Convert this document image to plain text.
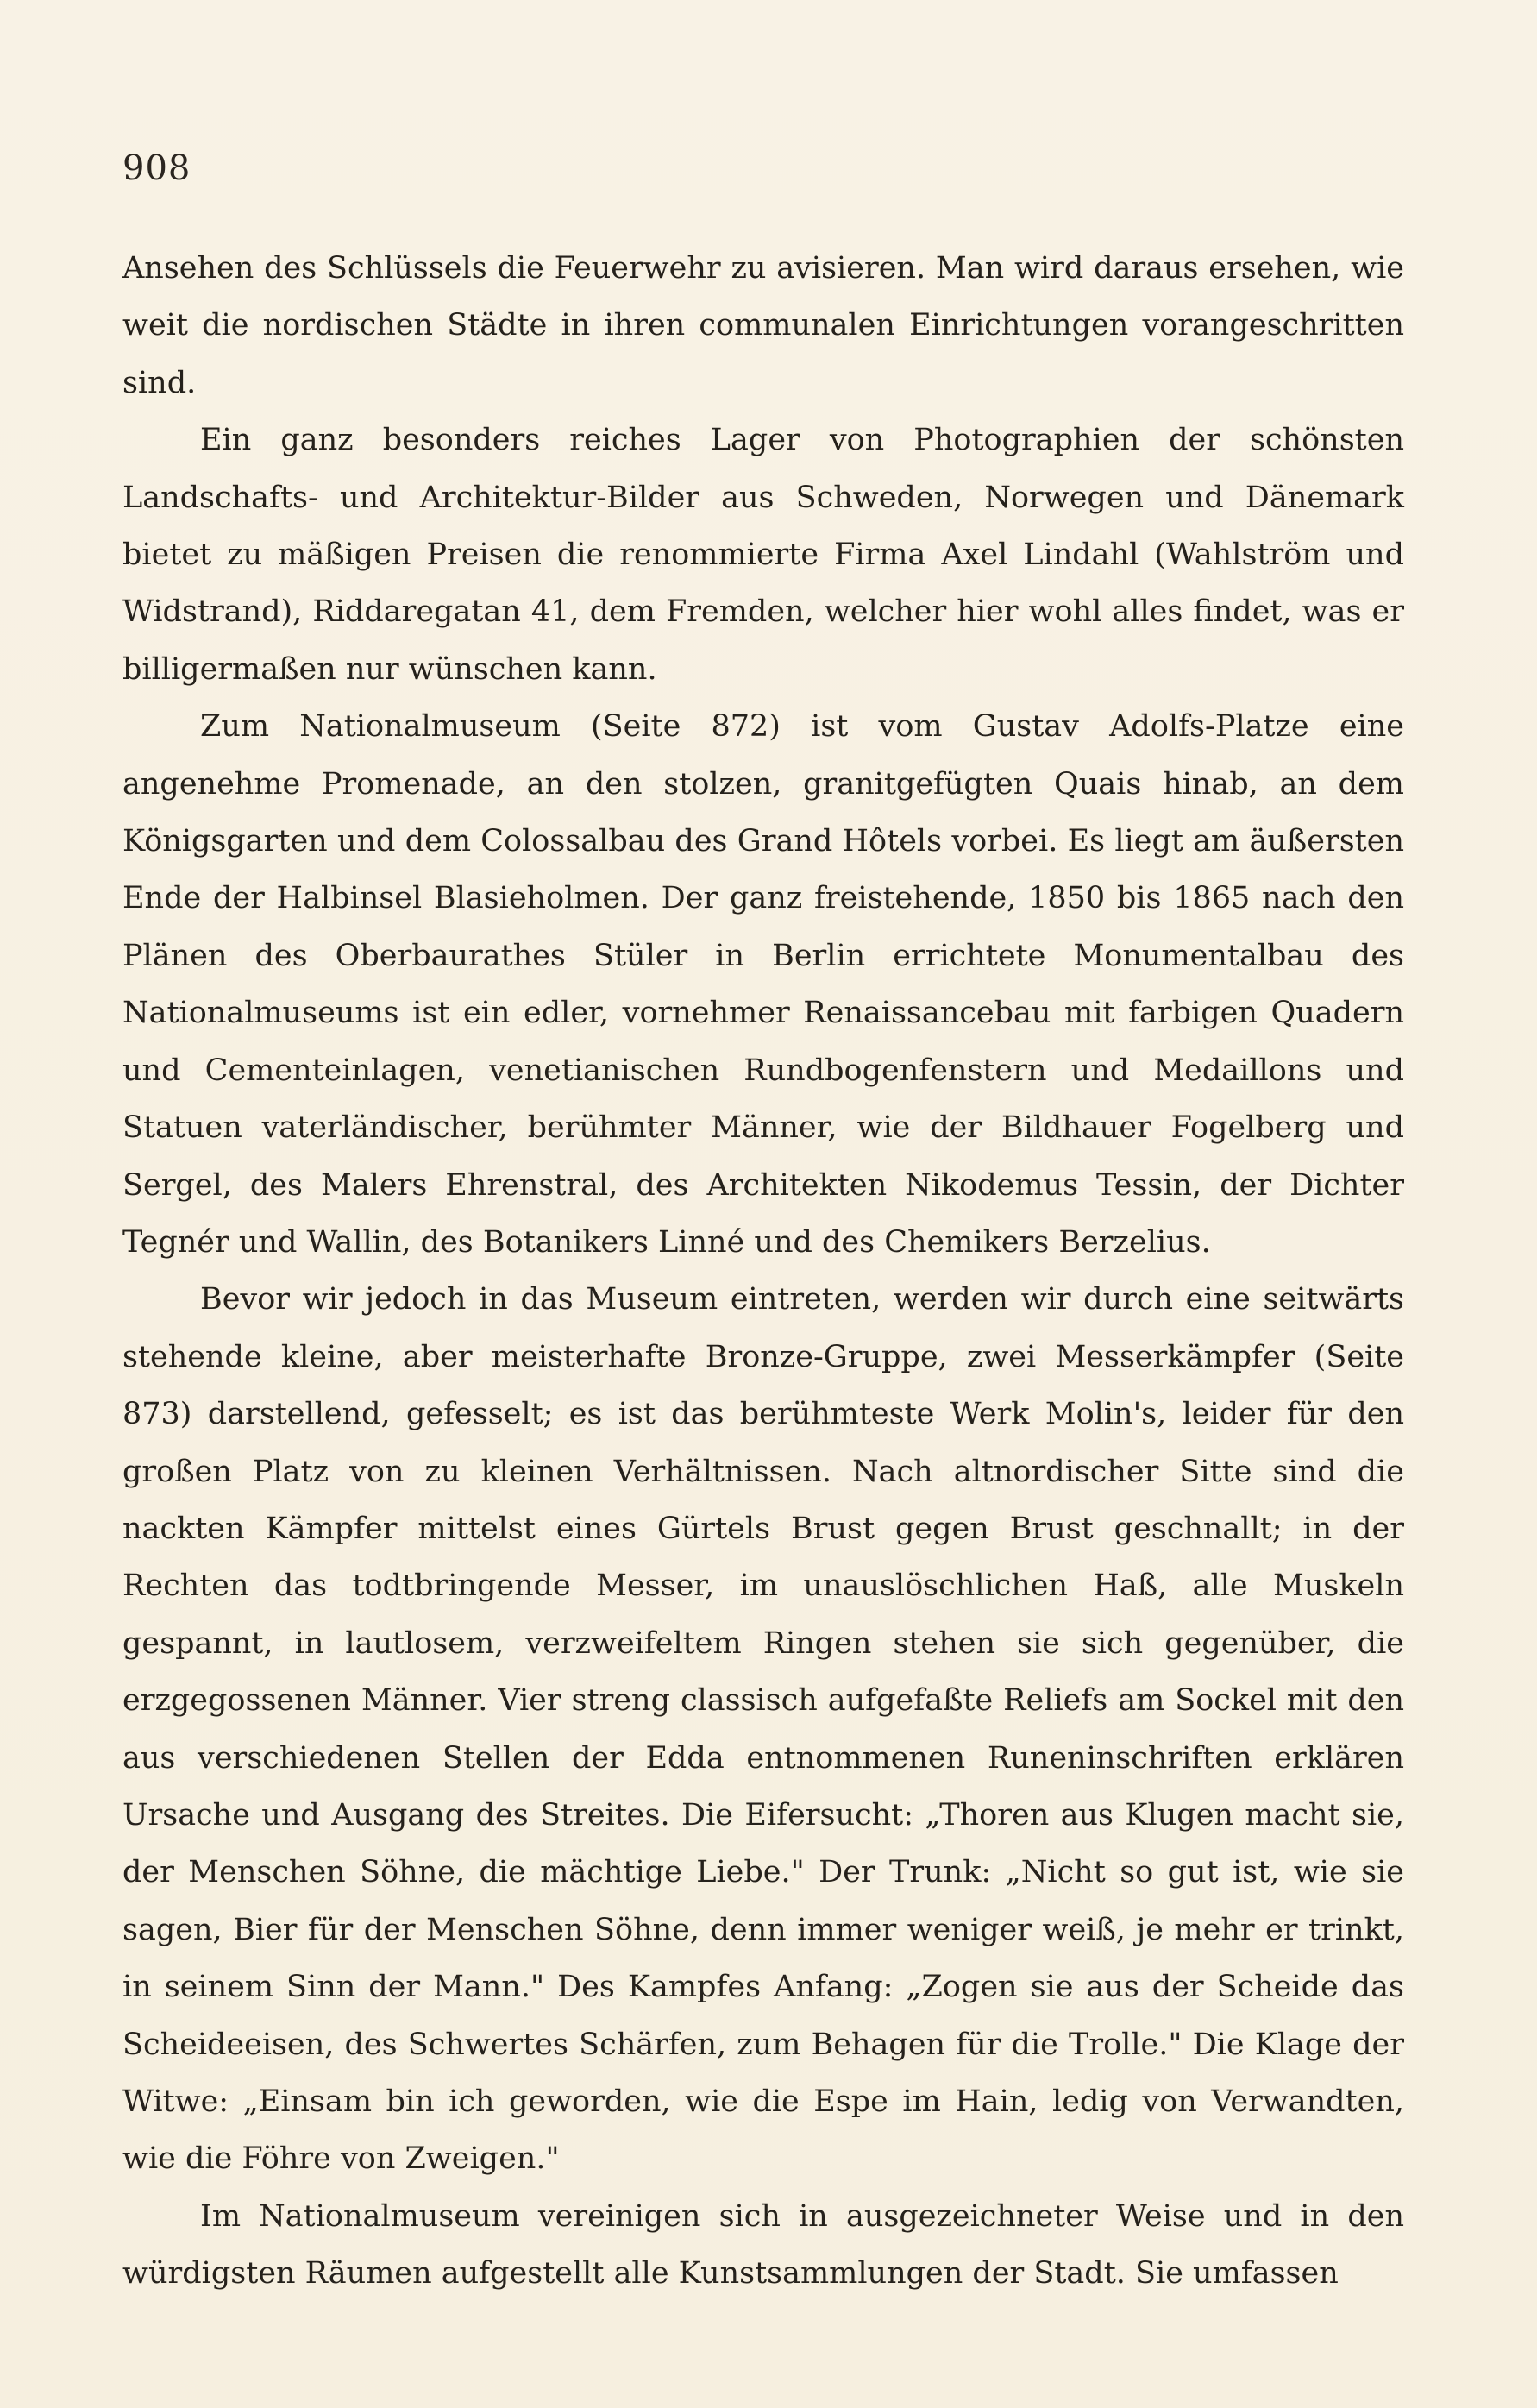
908

Ansehen des Schlüssels die Feuerwehr zu avisieren. Man wird daraus ersehen, wie weit die nordischen Städte in ihren communalen Einrichtungen vorangeschritten sind.

Ein ganz besonders reiches Lager von Photographien der schönsten Landschafts- und Architektur-Bilder aus Schweden, Norwegen und Dänemark bietet zu mäßigen Preisen die renommierte Firma Axel Lindahl (Wahlström und Widstrand), Riddaregatan 41, dem Fremden, welcher hier wohl alles findet, was er billigermaßen nur wünschen kann.

Zum Nationalmuseum (Seite 872) ist vom Gustav Adolfs-Platze eine angenehme Promenade, an den stolzen, granitgefügten Quais hinab, an dem Königsgarten und dem Colossalbau des Grand Hôtels vorbei. Es liegt am äußersten Ende der Halbinsel Blasieholmen. Der ganz freistehende, 1850 bis 1865 nach den Plänen des Oberbaurathes Stüler in Berlin errichtete Monumentalbau des Nationalmuseums ist ein edler, vornehmer Renaissancebau mit farbigen Quadern und Cementeinlagen, venetianischen Rundbogenfenstern und Medaillons und Statuen vaterländischer, berühmter Männer, wie der Bildhauer Fogelberg und Sergel, des Malers Ehrenstral, des Architekten Nikodemus Tessin, der Dichter Tegnér und Wallin, des Botanikers Linné und des Chemikers Berzelius.

Bevor wir jedoch in das Museum eintreten, werden wir durch eine seitwärts stehende kleine, aber meisterhafte Bronze-Gruppe, zwei Messerkämpfer (Seite 873) darstellend, gefesselt; es ist das berühmteste Werk Molin's, leider für den großen Platz von zu kleinen Verhältnissen. Nach altnordischer Sitte sind die nackten Kämpfer mittelst eines Gürtels Brust gegen Brust geschnallt; in der Rechten das todtbringende Messer, im unauslöschlichen Haß, alle Muskeln gespannt, in lautlosem, verzweifeltem Ringen stehen sie sich gegenüber, die erzgegossenen Männer. Vier streng classisch aufgefaßte Reliefs am Sockel mit den aus verschiedenen Stellen der Edda entnommenen Runeninschriften erklären Ursache und Ausgang des Streites. Die Eifersucht: „Thoren aus Klugen macht sie, der Menschen Söhne, die mächtige Liebe." Der Trunk: „Nicht so gut ist, wie sie sagen, Bier für der Menschen Söhne, denn immer weniger weiß, je mehr er trinkt, in seinem Sinn der Mann." Des Kampfes Anfang: „Zogen sie aus der Scheide das Scheideeisen, des Schwertes Schärfen, zum Behagen für die Trolle." Die Klage der Witwe: „Einsam bin ich geworden, wie die Espe im Hain, ledig von Verwandten, wie die Föhre von Zweigen."

Im Nationalmuseum vereinigen sich in ausgezeichneter Weise und in den würdigsten Räumen aufgestellt alle Kunstsammlungen der Stadt. Sie umfassen
